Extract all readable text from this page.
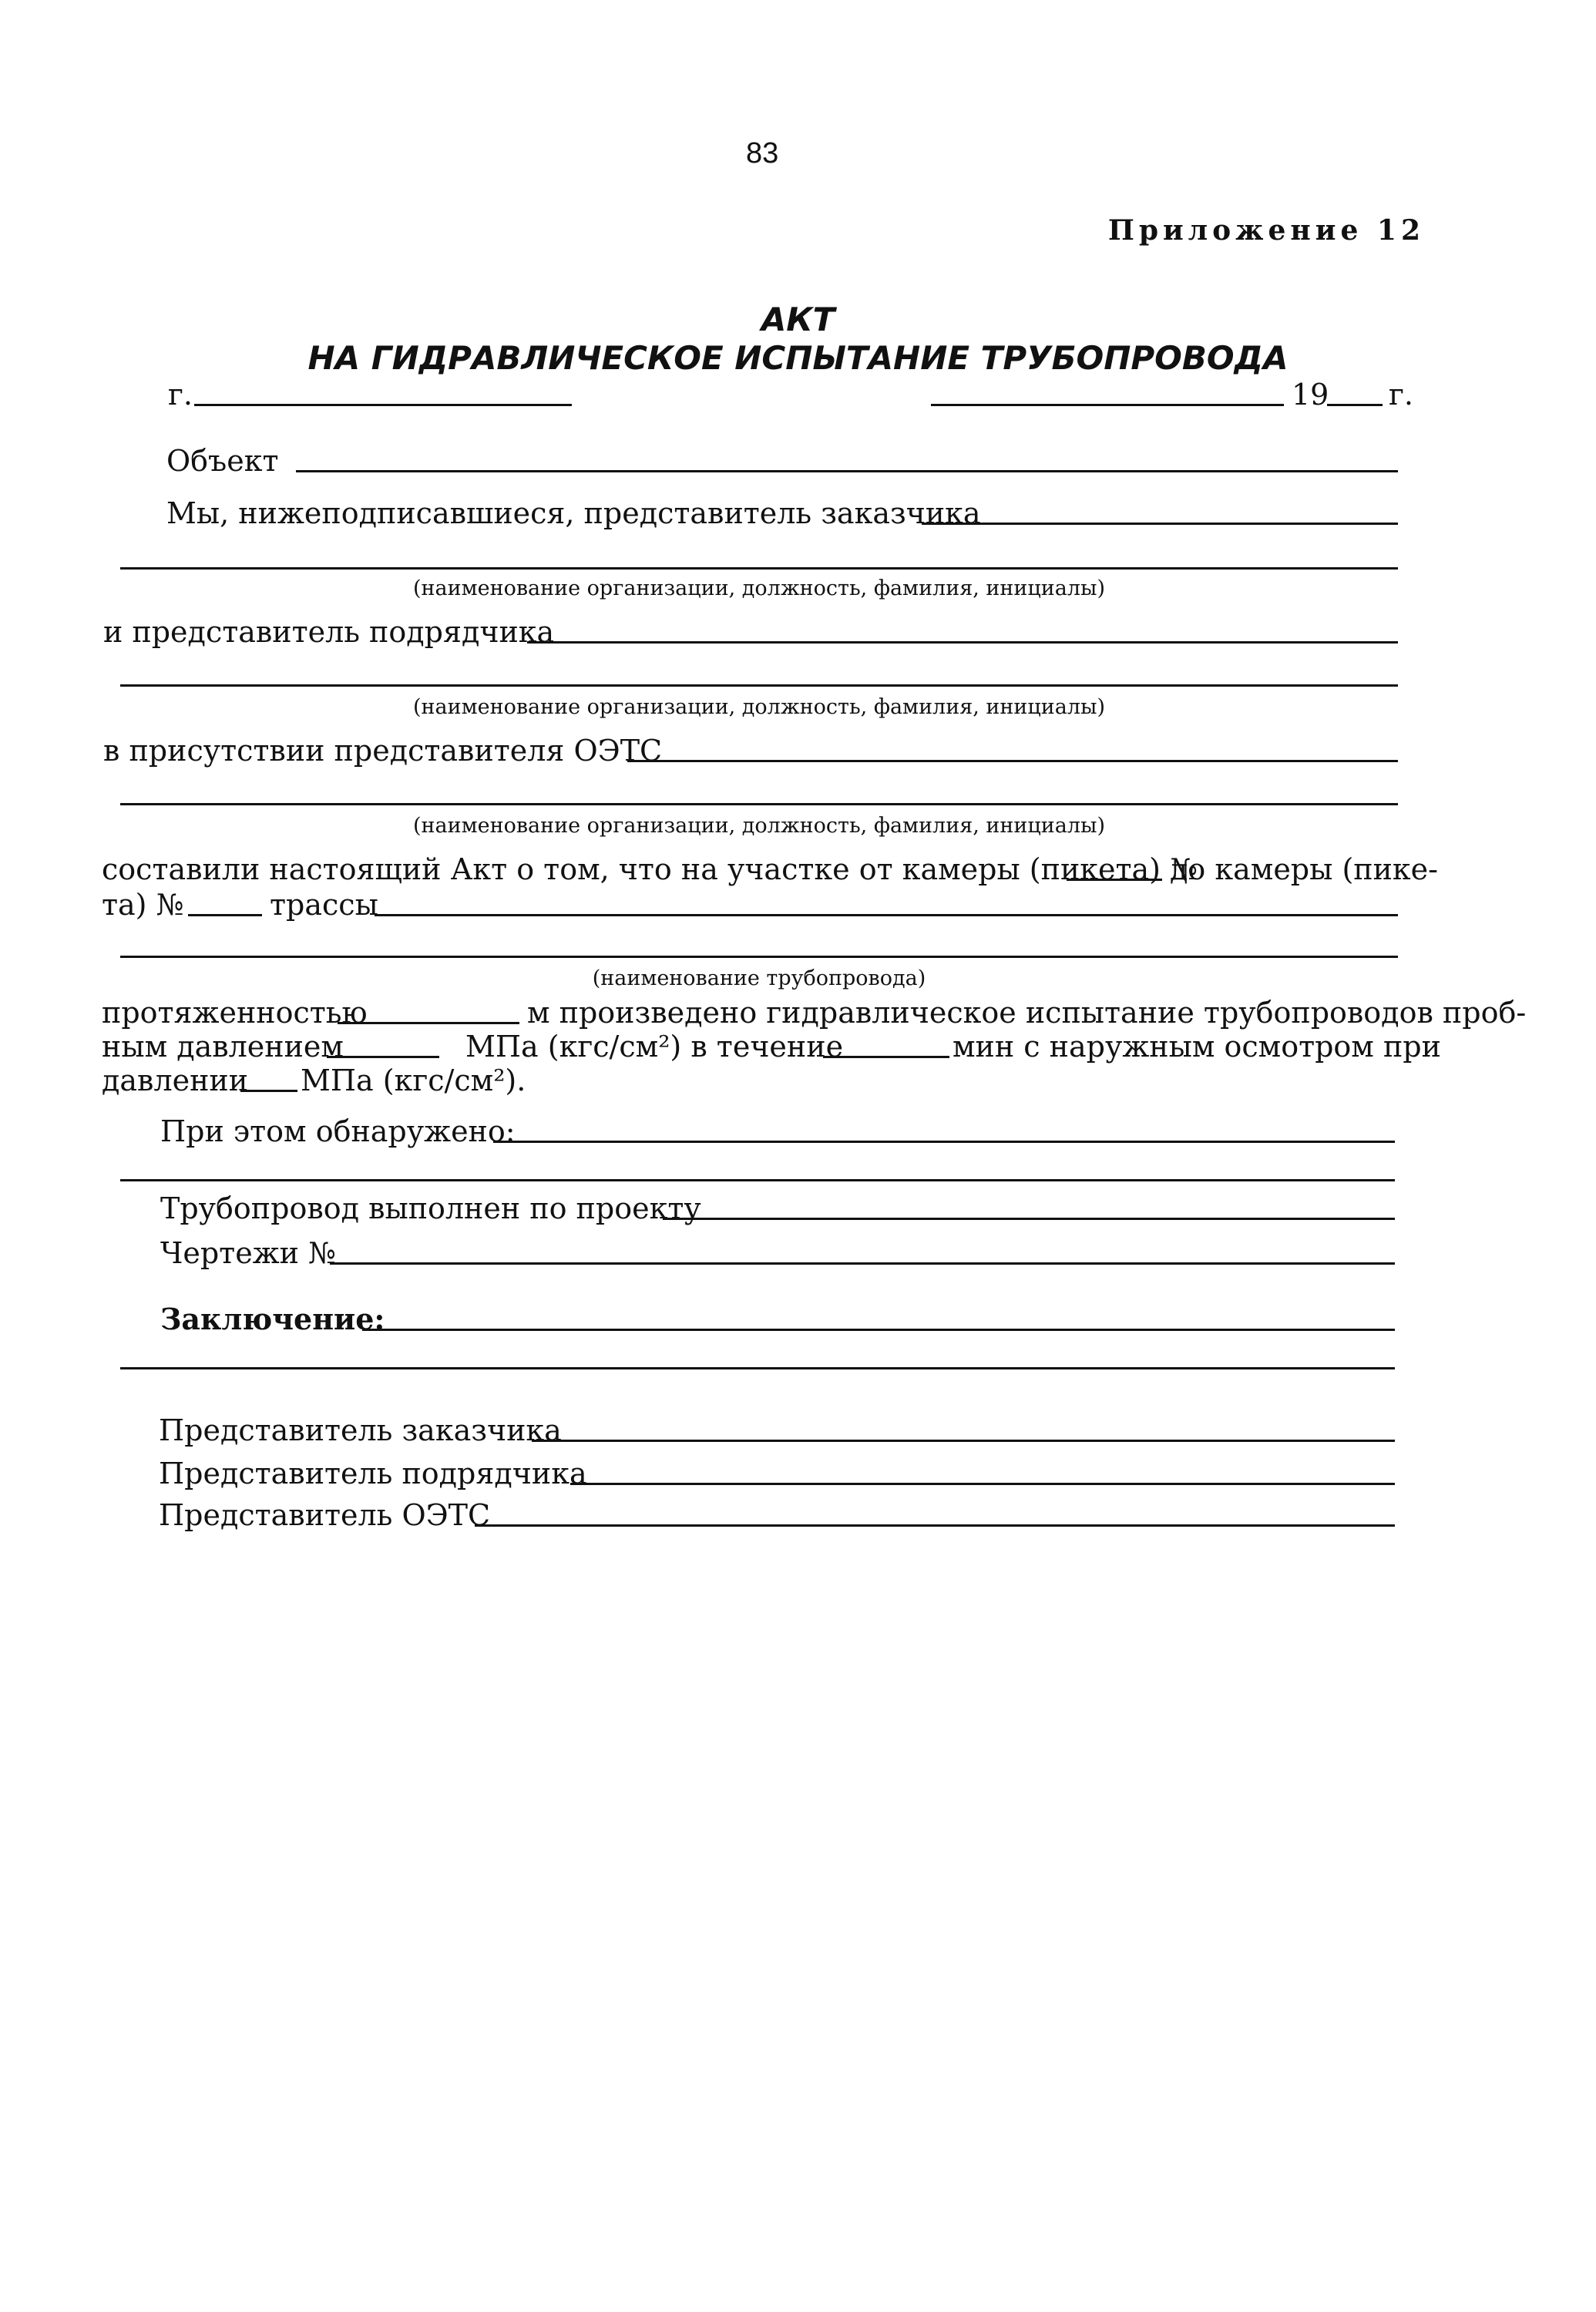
83
Приложение 12
АКТ
НА ГИДРАВЛИЧЕСКОЕ ИСПЫТАНИЕ ТРУБОПРОВОДА
г.	19 г.
Объект
Мы, нижеподписавшиеся, представитель заказчика
(наименование организации, должность, фамилия, инициалы)
и представитель подрядчика
(наименование организации, должность, фамилия, инициалы)
в присутствии представителя ОЭТС
(наименование организации, должность, фамилия, инициалы)
составили настоящий Акт о том, что на участке от камеры (пикета) №
до камеры (пике-
та) №	трассы
(наименование трубопровода)
протяженностью	м произведено гидравлическое испытание трубопроводов проб-
ным давлением	МПа (кгс/см²) в течение	мин с наружным осмотром при
давлении МПа (кгс/см²).
При этом обнаружено:
Трубопровод выполнен по проекту
Чертежи №
Заключение:
Представитель заказчика
Представитель подрядчика
Представитель ОЭТС
